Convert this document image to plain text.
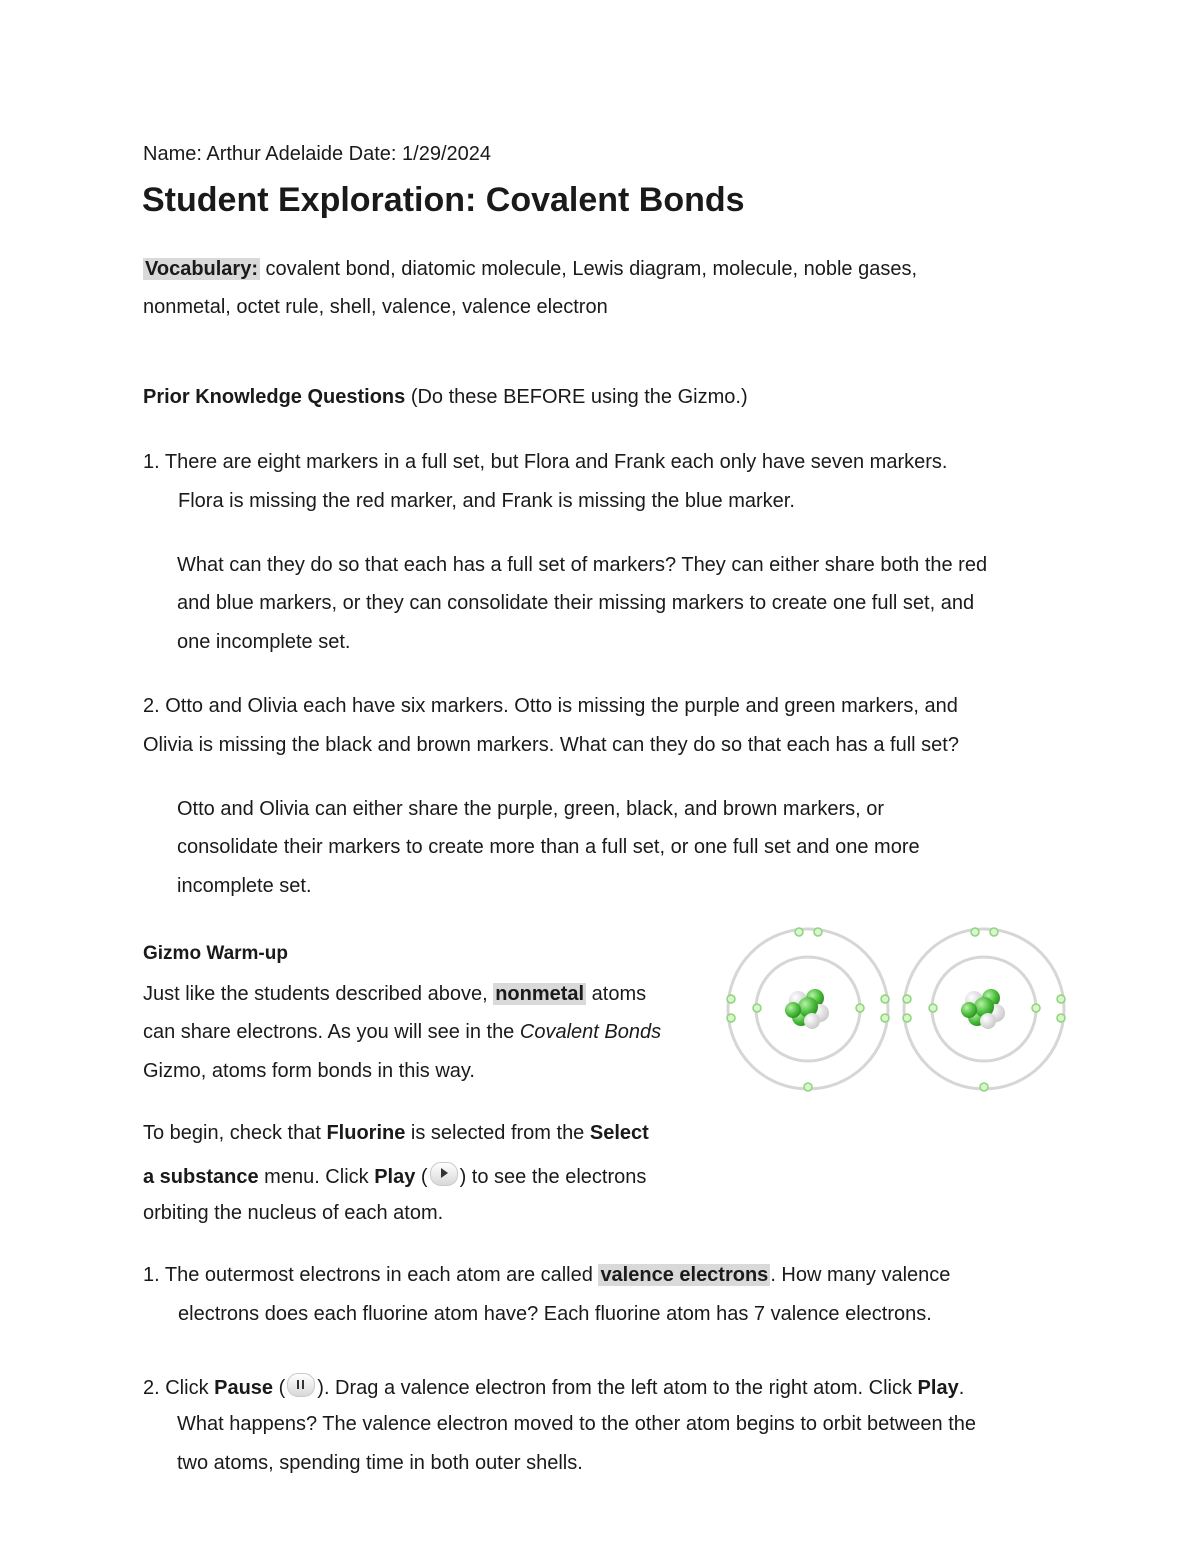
Name: Arthur Adelaide Date: 1/29/2024
Student Exploration: Covalent Bonds
Vocabulary: covalent bond, diatomic molecule, Lewis diagram, molecule, noble gases,
nonmetal, octet rule, shell, valence, valence electron
Prior Knowledge Questions (Do these BEFORE using the Gizmo.)
1. There are eight markers in a full set, but Flora and Frank each only have seven markers.
Flora is missing the red marker, and Frank is missing the blue marker.
What can they do so that each has a full set of markers? They can either share both the red
and blue markers, or they can consolidate their missing markers to create one full set, and
one incomplete set.
2. Otto and Olivia each have six markers. Otto is missing the purple and green markers, and
Olivia is missing the black and brown markers. What can they do so that each has a full set?
Otto and Olivia can either share the purple, green, black, and brown markers, or
consolidate their markers to create more than a full set, or one full set and one more
incomplete set.
Gizmo Warm-up
Just like the students described above, nonmetal atoms
can share electrons. As you will see in the Covalent Bonds
Gizmo, atoms form bonds in this way.
To begin, check that Fluorine is selected from the Select
a substance menu. Click Play ( ) to see the electrons
orbiting the nucleus of each atom.
1. The outermost electrons in each atom are called valence electrons . How many valence
electrons does each fluorine atom have? Each fluorine atom has 7 valence electrons.
2. Click Pause ( ). Drag a valence electron from the left atom to the right atom. Click Play.
What happens? The valence electron moved to the other atom begins to orbit between the
two atoms, spending time in both outer shells.
